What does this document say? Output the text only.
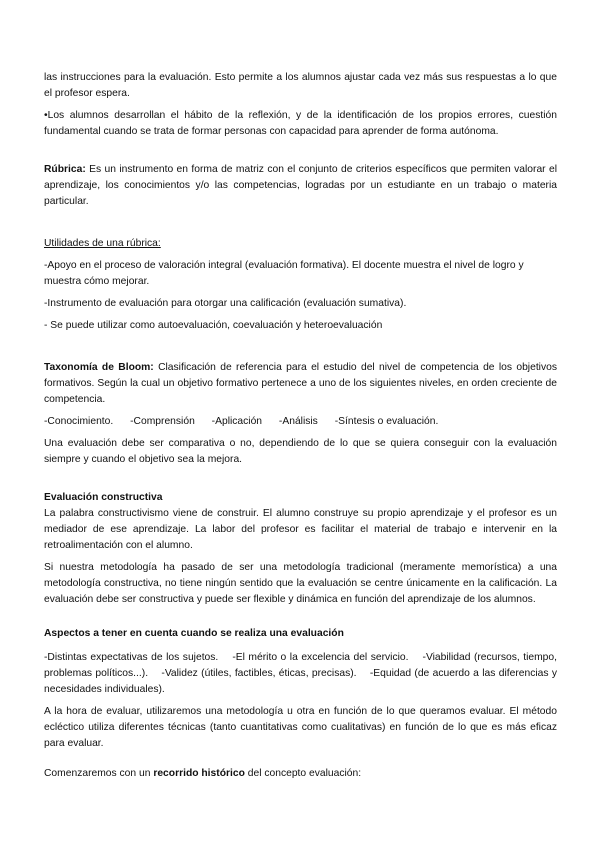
las instrucciones para la evaluación. Esto permite a los alumnos ajustar cada vez más sus respuestas a lo que el profesor espera.

•Los alumnos desarrollan el hábito de la reflexión, y de la identificación de los propios errores, cuestión fundamental cuando se trata de formar personas con capacidad para aprender de forma autónoma.

Rúbrica: Es un instrumento en forma de matriz con el conjunto de criterios específicos que permiten valorar el aprendizaje, los conocimientos y/o las competencias, logradas por un estudiante en un trabajo o materia particular.

Utilidades de una rúbrica:

-Apoyo en el proceso de valoración integral (evaluación formativa). El docente muestra el nivel de logro y muestra cómo mejorar.

-Instrumento de evaluación para otorgar una calificación (evaluación sumativa).

- Se puede utilizar como autoevaluación, coevaluación y heteroevaluación

Taxonomía de Bloom: Clasificación de referencia para el estudio del nivel de competencia de los objetivos formativos. Según la cual un objetivo formativo pertenece a uno de los siguientes niveles, en orden creciente de competencia.

-Conocimiento. -Comprensión -Aplicación -Análisis -Síntesis o evaluación.

Una evaluación debe ser comparativa o no, dependiendo de lo que se quiera conseguir con la evaluación siempre y cuando el objetivo sea la mejora.

Evaluación constructiva

La palabra constructivismo viene de construir. El alumno construye su propio aprendizaje y el profesor es un mediador de ese aprendizaje. La labor del profesor es facilitar el material de trabajo e intervenir en la retroalimentación con el alumno.

Si nuestra metodología ha pasado de ser una metodología tradicional (meramente memorística) a una metodología constructiva, no tiene ningún sentido que la evaluación se centre únicamente en la calificación. La evaluación debe ser constructiva y puede ser flexible y dinámica en función del aprendizaje de los alumnos.

Aspectos a tener en cuenta cuando se realiza una evaluación

-Distintas expectativas de los sujetos.    -El mérito o la excelencia del servicio.    -Viabilidad (recursos, tiempo, problemas políticos...).    -Validez (útiles, factibles, éticas, precisas).    -Equidad (de acuerdo a las diferencias y necesidades individuales).

A la hora de evaluar, utilizaremos una metodología u otra en función de lo que queramos evaluar. El método ecléctico utiliza diferentes técnicas (tanto cuantitativas como cualitativas) en función de lo que es más eficaz para evaluar.

Comenzaremos con un recorrido histórico del concepto evaluación:
